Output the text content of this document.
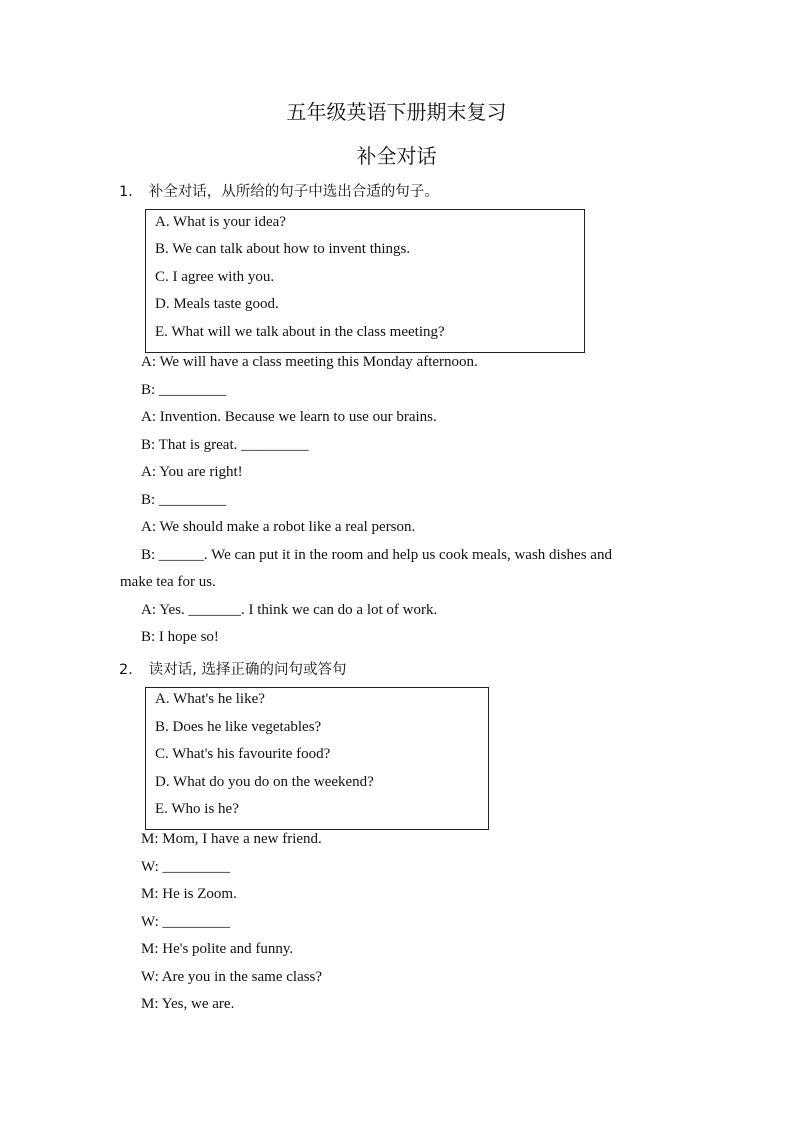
五年级英语下册期末复习
补全对话
1． 补全对话，从所给的句子中选出合适的句子。
A. What is your idea?
B. We can talk about how to invent things.
C. I agree with you.
D. Meals taste good.
E. What will we talk about in the class meeting?
A: We will have a class meeting this Monday afternoon.
B: _________
A: Invention. Because we learn to use our brains.
B: That is great. _________
A: You are right!
B: _________
A: We should make a robot like a real person.
B: ______. We can put it in the room and help us cook meals, wash dishes and
make tea for us.
A: Yes. _______. I think we can do a lot of work.
B: I hope so!
2． 读对话, 选择正确的问句或答句
A. What's he like?
B. Does he like vegetables?
C. What's his favourite food?
D. What do you do on the weekend?
E. Who is he?
M: Mom, I have a new friend.
W: _________
M: He is Zoom.
W: _________
M: He's polite and funny.
W: Are you in the same class?
M: Yes, we are.
